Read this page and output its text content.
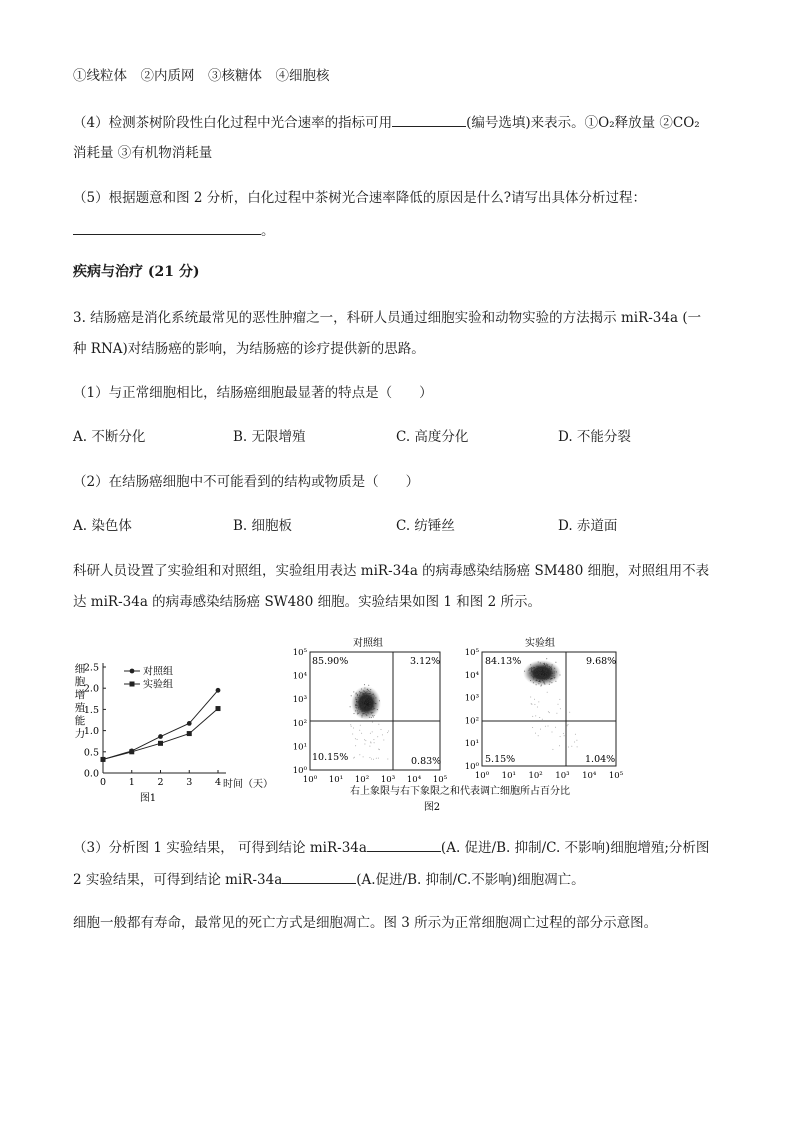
①线粒体　②内质网　③核糖体　④细胞核
（4）检测茶树阶段性白化过程中光合速率的指标可用	(编号选填)来表示。①O₂释放量 ②CO₂
消耗量 ③有机物消耗量
（5）根据题意和图 2 分析，白化过程中茶树光合速率降低的原因是什么?请写出具体分析过程：
。
疾病与治疗 (21 分)
3. 结肠癌是消化系统最常见的恶性肿瘤之一，科研人员通过细胞实验和动物实验的方法揭示 miR-34a (一
种 RNA)对结肠癌的影响，为结肠癌的诊疗提供新的思路。
（1）与正常细胞相比，结肠癌细胞最显著的特点是（　　）
A. 不断分化	B. 无限增殖	C. 高度分化	D. 不能分裂
（2）在结肠癌细胞中不可能看到的结构或物质是（　　）
A. 染色体	B. 细胞板	C. 纺锤丝	D. 赤道面
科研人员设置了实验组和对照组，实验组用表达 miR-34a 的病毒感染结肠癌 SM480 细胞，对照组用不表
达 miR-34a 的病毒感染结肠癌 SW480 细胞。实验结果如图 1 和图 2 所示。
细
胞
增
殖
能
力
0.0
0.5
1.0
1.5
2.0
2.5
0 1 2 3 4
对照组
实验组
时间（天）
图1
对照组
85.90%	3.12%
10.15%	0.83%
10⁰
10⁰
10¹
10¹
10²
10²
10³
10³
10⁴
10⁴
10⁵
10⁵
实验组
84.13%	9.68%
5.15%	1.04%
10⁰
10⁰
10¹
10¹
10²
10²
10³
10³
10⁴
10⁴
10⁵
10⁵
右上象限与右下象限之和代表调亡细胞所占百分比
图2
（3）分析图 1 实验结果， 可得到结论 miR-34a	(A. 促进/B. 抑制/C. 不影响)细胞增殖;分析图
2 实验结果，可得到结论 miR-34a	(A.促进/B. 抑制/C.不影响)细胞凋亡。
细胞一般都有寿命，最常见的死亡方式是细胞凋亡。图 3 所示为正常细胞凋亡过程的部分示意图。
